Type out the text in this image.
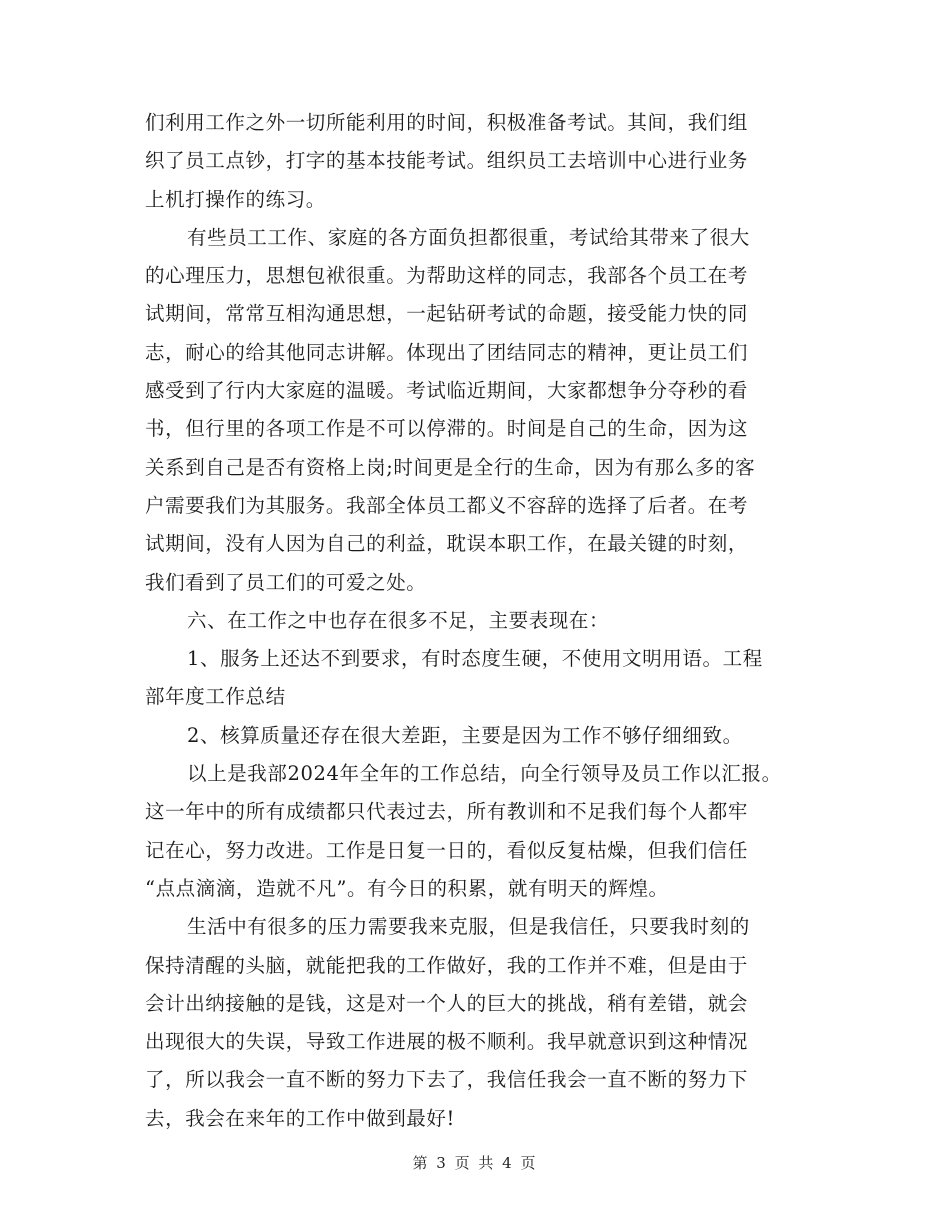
们利用工作之外一切所能利用的时间，积极准备考试。其间，我们组
织了员工点钞，打字的基本技能考试。组织员工去培训中心进行业务
上机打操作的练习。
有些员工工作、家庭的各方面负担都很重，考试给其带来了很大
的心理压力，思想包袱很重。为帮助这样的同志，我部各个员工在考
试期间，常常互相沟通思想，一起钻研考试的命题，接受能力快的同
志，耐心的给其他同志讲解。体现出了团结同志的精神，更让员工们
感受到了行内大家庭的温暖。考试临近期间，大家都想争分夺秒的看
书，但行里的各项工作是不可以停滞的。时间是自己的生命，因为这
关系到自己是否有资格上岗;时间更是全行的生命，因为有那么多的客
户需要我们为其服务。我部全体员工都义不容辞的选择了后者。在考
试期间，没有人因为自己的利益，耽误本职工作，在最关键的时刻，
我们看到了员工们的可爱之处。
六、在工作之中也存在很多不足，主要表现在：
1、服务上还达不到要求，有时态度生硬，不使用文明用语。工程
部年度工作总结
2、核算质量还存在很大差距，主要是因为工作不够仔细细致。
以上是我部2024年全年的工作总结，向全行领导及员工作以汇报。
这一年中的所有成绩都只代表过去，所有教训和不足我们每个人都牢
记在心，努力改进。工作是日复一日的，看似反复枯燥，但我们信任
“点点滴滴，造就不凡”。有今日的积累，就有明天的辉煌。
生活中有很多的压力需要我来克服，但是我信任，只要我时刻的
保持清醒的头脑，就能把我的工作做好，我的工作并不难，但是由于
会计出纳接触的是钱，这是对一个人的巨大的挑战，稍有差错，就会
出现很大的失误，导致工作进展的极不顺利。我早就意识到这种情况
了，所以我会一直不断的努力下去了，我信任我会一直不断的努力下
去，我会在来年的工作中做到最好!
第 3 页 共 4 页
